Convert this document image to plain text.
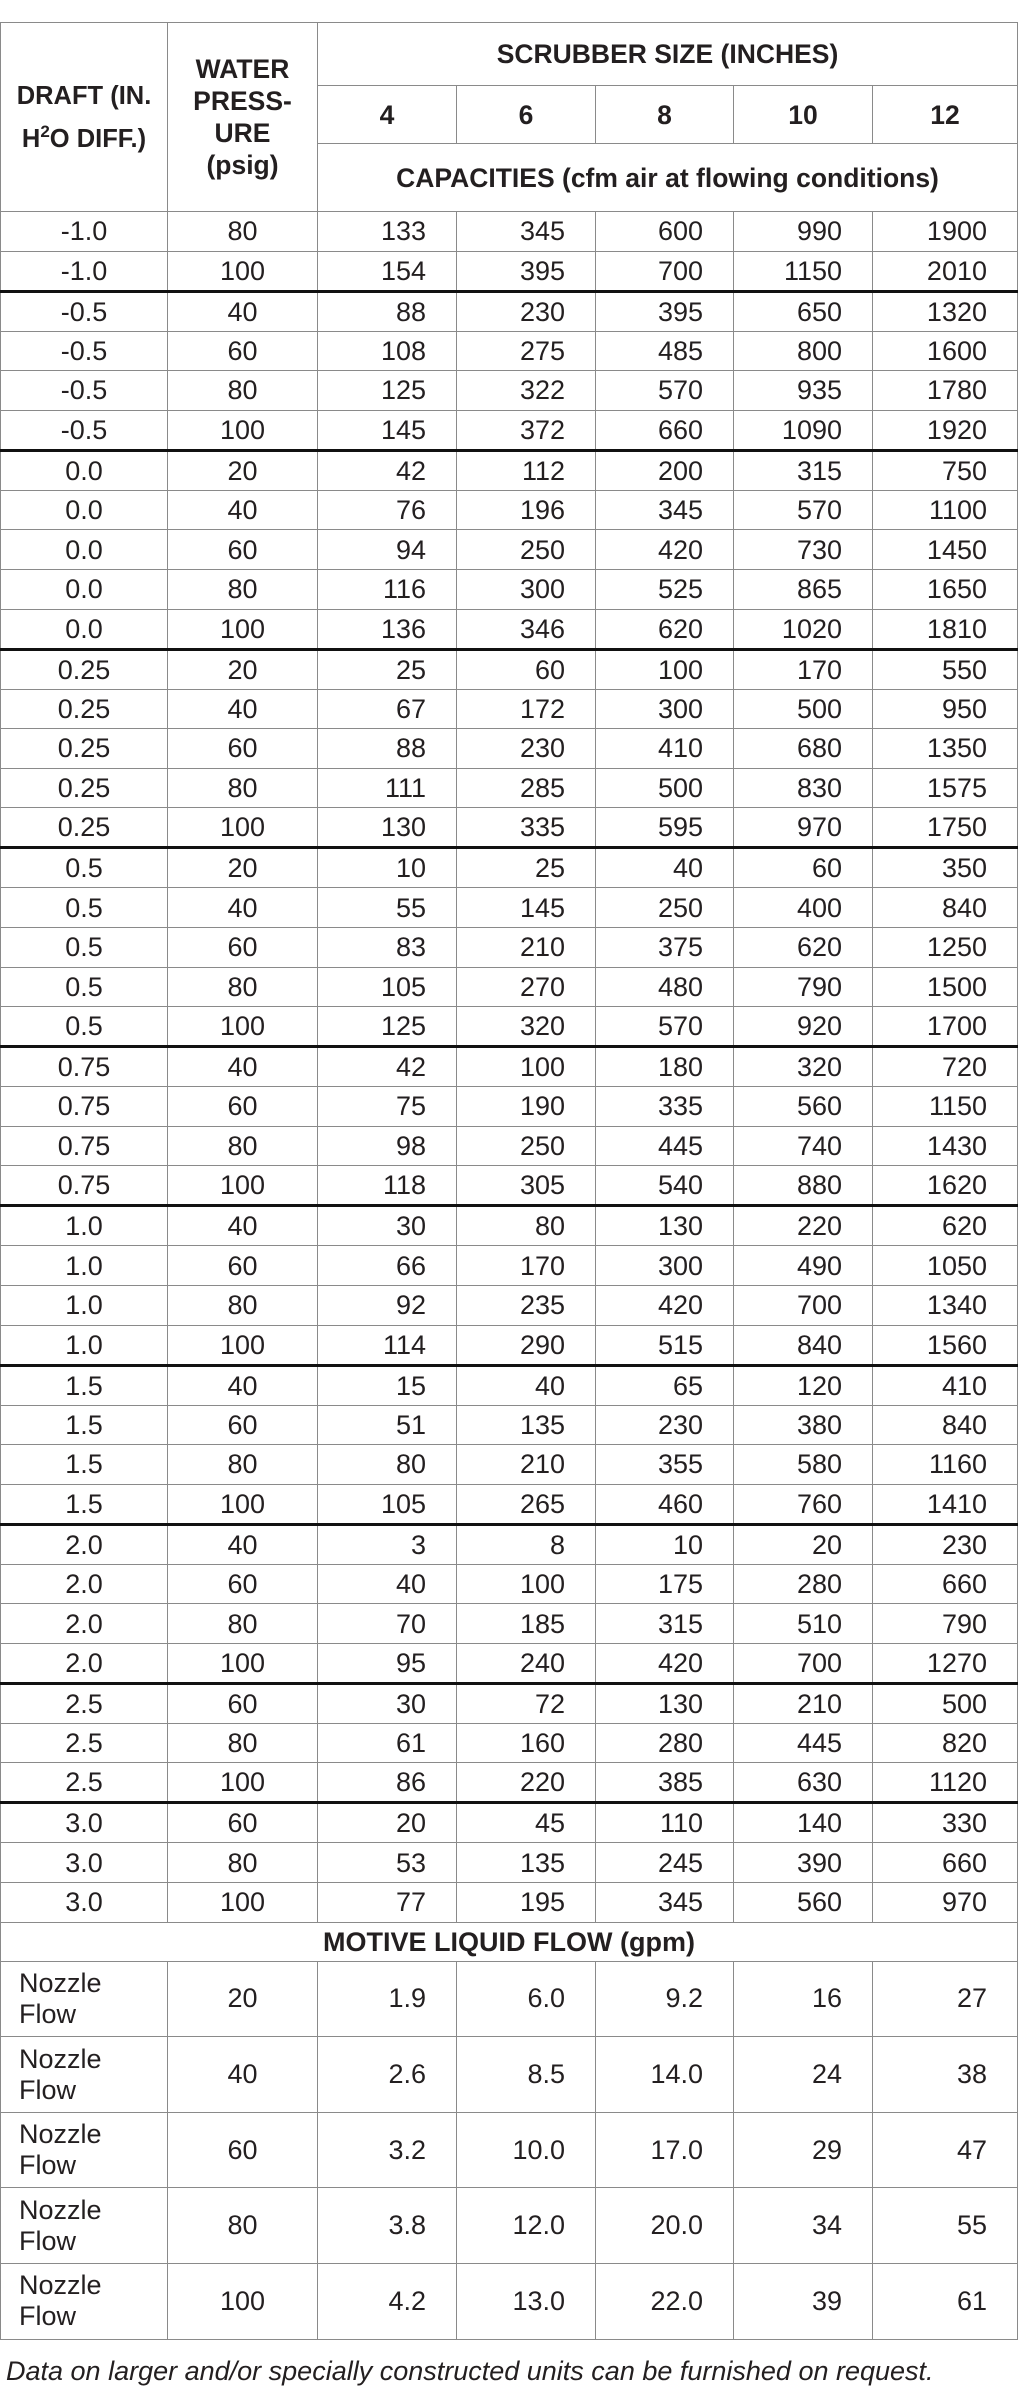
DRAFT (IN.
$H^2O$ DIFF.)	WATER
PRESS-
URE
(psig)	SCRUBBER SIZE (INCHES)				
		4	6	8	10	12
		CAPACITIES (cfm air at flowing conditions)				
-1.0	80	133	345	600	990	1900
-1.0	100	154	395	700	1150	2010
-0.5	40	88	230	395	650	1320
-0.5	60	108	275	485	800	1600
-0.5	80	125	322	570	935	1780
-0.5	100	145	372	660	1090	1920
0.0	20	42	112	200	315	750
0.0	40	76	196	345	570	1100
0.0	60	94	250	420	730	1450
0.0	80	116	300	525	865	1650
0.0	100	136	346	620	1020	1810
0.25	20	25	60	100	170	550
0.25	40	67	172	300	500	950
0.25	60	88	230	410	680	1350
0.25	80	111	285	500	830	1575
0.25	100	130	335	595	970	1750
0.5	20	10	25	40	60	350
0.5	40	55	145	250	400	840
0.5	60	83	210	375	620	1250
0.5	80	105	270	480	790	1500
0.5	100	125	320	570	920	1700
0.75	40	42	100	180	320	720
0.75	60	75	190	335	560	1150
0.75	80	98	250	445	740	1430
0.75	100	118	305	540	880	1620
1.0	40	30	80	130	220	620
1.0	60	66	170	300	490	1050
1.0	80	92	235	420	700	1340
1.0	100	114	290	515	840	1560
1.5	40	15	40	65	120	410
1.5	60	51	135	230	380	840
1.5	80	80	210	355	580	1160
1.5	100	105	265	460	760	1410
2.0	40	3	8	10	20	230
2.0	60	40	100	175	280	660
2.0	80	70	185	315	510	790
2.0	100	95	240	420	700	1270
2.5	60	30	72	130	210	500
2.5	80	61	160	280	445	820
2.5	100	86	220	385	630	1120
3.0	60	20	45	110	140	330
3.0	80	53	135	245	390	660
3.0	100	77	195	345	560	970
MOTIVE LIQUID FLOW (gpm)						
Nozzle
Flow	20	1.9	6.0	9.2	16	27
Nozzle
Flow	40	2.6	8.5	14.0	24	38
Nozzle
Flow	60	3.2	10.0	17.0	29	47
Nozzle
Flow	80	3.8	12.0	20.0	34	55
Nozzle
Flow	100	4.2	13.0	22.0	39	61
Data on larger and/or specially constructed units can be furnished on request.
